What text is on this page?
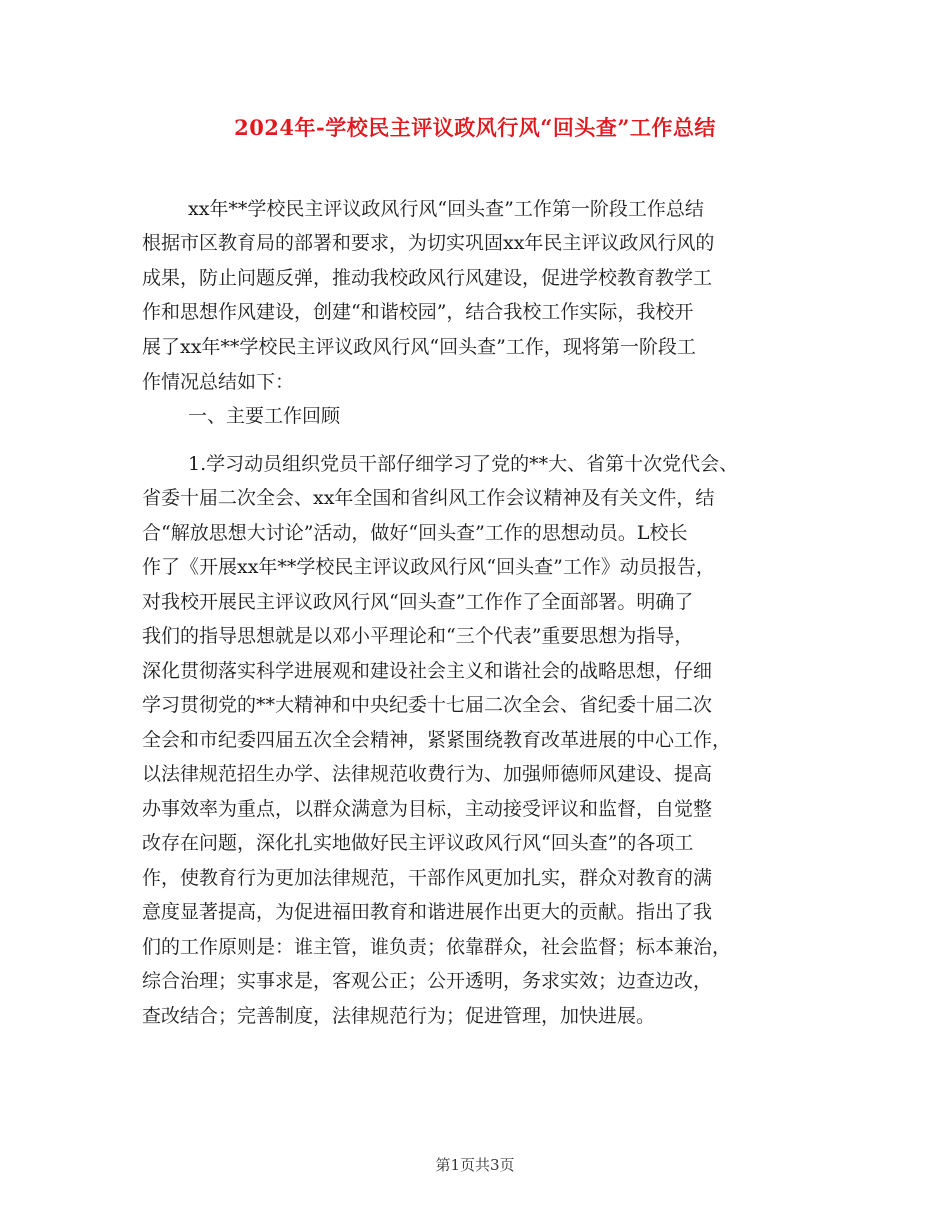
2024年-学校民主评议政风行风“回头查”工作总结
xx年**学校民主评议政风行风“回头查”工作第一阶段工作总结
根据市区教育局的部署和要求，为切实巩固xx年民主评议政风行风的
成果，防止问题反弹，推动我校政风行风建设，促进学校教育教学工
作和思想作风建设，创建“和谐校园”，结合我校工作实际，我校开
展了xx年**学校民主评议政风行风“回头查”工作，现将第一阶段工
作情况总结如下：
一、主要工作回顾
1.学习动员组织党员干部仔细学习了党的**大、省第十次党代会、
省委十届二次全会、xx年全国和省纠风工作会议精神及有关文件，结
合“解放思想大讨论”活动，做好“回头查”工作的思想动员。L校长
作了《开展xx年**学校民主评议政风行风“回头查”工作》动员报告，
对我校开展民主评议政风行风“回头查”工作作了全面部署。明确了
我们的指导思想就是以邓小平理论和“三个代表”重要思想为指导，
深化贯彻落实科学进展观和建设社会主义和谐社会的战略思想，仔细
学习贯彻党的**大精神和中央纪委十七届二次全会、省纪委十届二次
全会和市纪委四届五次全会精神，紧紧围绕教育改革进展的中心工作，
以法律规范招生办学、法律规范收费行为、加强师德师风建设、提高
办事效率为重点，以群众满意为目标，主动接受评议和监督，自觉整
改存在问题，深化扎实地做好民主评议政风行风“回头查”的各项工
作，使教育行为更加法律规范，干部作风更加扎实，群众对教育的满
意度显著提高，为促进福田教育和谐进展作出更大的贡献。指出了我
们的工作原则是：谁主管，谁负责；依靠群众，社会监督；标本兼治，
综合治理；实事求是，客观公正；公开透明，务求实效；边查边改，
查改结合；完善制度，法律规范行为；促进管理，加快进展。
第1页共3页
